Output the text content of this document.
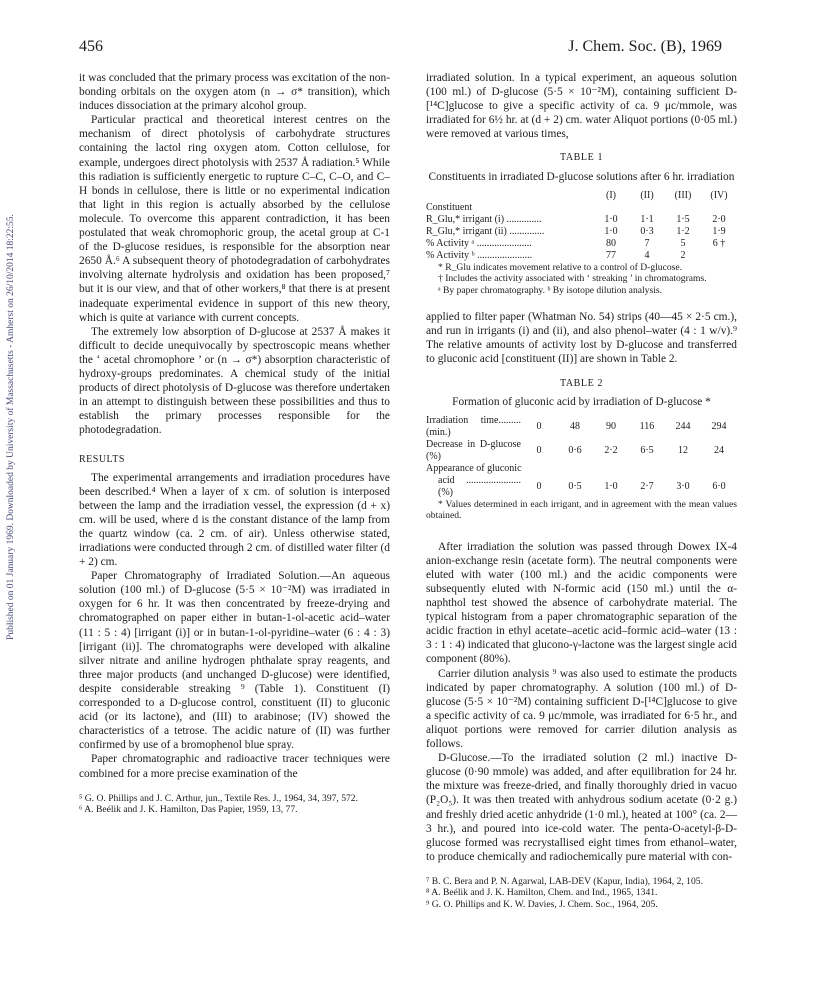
Published on 01 January 1969. Downloaded by University of Massachusetts - Amherst on 26/10/2014 18:22:55.
456	J. Chem. Soc. (B), 1969

it was concluded that the primary process was excitation of the non-bonding orbitals on the oxygen atom (n → σ* transition), which induces dissociation at the primary alcohol group.

Particular practical and theoretical interest centres on the mechanism of direct photolysis of carbohydrate structures containing the lactol ring oxygen atom. Cotton cellulose, for example, undergoes direct photolysis with 2537 Å radiation.⁵ While this radiation is sufficiently energetic to rupture C–C, C–O, and C–H bonds in cellulose, there is little or no experimental indication that light in this region is actually absorbed by the cellulose molecule. To overcome this apparent contradiction, it has been postulated that weak chromophoric group, the acetal group at C-1 of the D-glucose residues, is responsible for the absorption near 2650 Å.⁶ A subsequent theory of photodegradation of carbohydrates involving alternate hydrolysis and oxidation has been proposed,⁷ but it is our view, and that of other workers,⁸ that there is at present inadequate experimental evidence in support of this new theory, which is quite at variance with current concepts.

The extremely low absorption of D-glucose at 2537 Å makes it difficult to decide unequivocally by spectroscopic means whether the ‘ acetal chromophore ’ or (n → σ*) absorption characteristic of hydroxy-groups predominates. A chemical study of the initial products of direct photolysis of D-glucose was therefore undertaken in an attempt to distinguish between these possibilities and thus to establish the primary processes responsible for the photodegradation.

RESULTS

The experimental arrangements and irradiation procedures have been described.⁴ When a layer of x cm. of solution is interposed between the lamp and the irradiation vessel, the expression (d + x) cm. will be used, where d is the constant distance of the lamp from the quartz window (ca. 2 cm. of air). Unless otherwise stated, irradiations were conducted through 2 cm. of distilled water filter (d + 2) cm.

Paper Chromatography of Irradiated Solution.—An aqueous solution (100 ml.) of D-glucose (5·5 × 10⁻²M) was irradiated in oxygen for 6 hr. It was then concentrated by freeze-drying and chromatographed on paper either in butan-1-ol-acetic acid–water (11 : 5 : 4) [irrigant (i)] or in butan-1-ol-pyridine–water (6 : 4 : 3) [irrigant (ii)]. The chromatographs were developed with alkaline silver nitrate and aniline hydrogen phthalate spray reagents, and three major products (and unchanged D-glucose) were identified, despite considerable streaking ⁹ (Table 1). Constituent (I) corresponded to a D-glucose control, constituent (II) to gluconic acid (or its lactone), and (III) to arabinose; (IV) showed the characteristics of a tetrose. The acidic nature of (II) was further confirmed by use of a bromophenol blue spray.

Paper chromatographic and radioactive tracer techniques were combined for a more precise examination of the

⁵ G. O. Phillips and J. C. Arthur, jun., Textile Res. J., 1964, 34, 397, 572.

⁶ A. Beélik and J. K. Hamilton, Das Papier, 1959, 13, 77.

irradiated solution. In a typical experiment, an aqueous solution (100 ml.) of D-glucose (5·5 × 10⁻²M), containing sufficient D-[¹⁴C]glucose to give a specific activity of ca. 9 μc/mmole, was irradiated for 6½ hr. at (d + 2) cm. water Aliquot portions (0·05 ml.) were removed at various times,

TABLE 1
Constituents in irradiated D-glucose solutions after 6 hr. irradiation
	(I)	(II)	(III)	(IV)
Constituent				
R_Glu,* irrigant (i) ..............	1·0	1·1	1·5	2·0
R_Glu,* irrigant (ii) ..............	1·0	0·3	1·2	1·9
% Activity ᵃ ......................	80	7	5	6 †
% Activity ᵇ ......................	77	4	2	

* R_Glu indicates movement relative to a control of D-glucose.

† Includes the activity associated with ‘ streaking ’ in chromatograms.

ᵃ By paper chromatography. ᵇ By isotope dilution analysis.

applied to filter paper (Whatman No. 54) strips (40—45 × 2·5 cm.), and run in irrigants (i) and (ii), and also phenol–water (4 : 1 w/v).⁹ The relative amounts of activity lost by D-glucose and transferred to gluconic acid [constituent (II)] are shown in Table 2.

TABLE 2
Formation of gluconic acid by irradiation of D-glucose *
Irradiation time......... (min.)	0	48	90	116	244	294
Decrease in D-glucose (%)	0	0·6	2·2	6·5	12	24
Appearance of gluconic						
acid ...................... (%)	0	0·5	1·0	2·7	3·0	6·0

* Values determined in each irrigant, and in agreement with the mean values obtained.

After irradiation the solution was passed through Dowex IX-4 anion-exchange resin (acetate form). The neutral components were eluted with water (100 ml.) and the acidic components were subsequently eluted with N-formic acid (150 ml.) until the α-naphthol test showed the absence of carbohydrate material. The typical histogram from a paper chromatographic separation of the acidic fraction in ethyl acetate–acetic acid–formic acid–water (13 : 3 : 1 : 4) indicated that glucono-γ-lactone was the largest single acid component (80%).

Carrier dilution analysis ⁹ was also used to estimate the products indicated by paper chromatography. A solution (100 ml.) of D-glucose (5·5 × 10⁻²M) containing sufficient D-[¹⁴C]glucose to give a specific activity of ca. 9 μc/mmole, was irradiated for 6·5 hr., and aliquot portions were removed for carrier dilution analysis as follows.

D-Glucose.—To the irradiated solution (2 ml.) inactive D-glucose (0·90 mmole) was added, and after equilibration for 24 hr. the mixture was freeze-dried, and finally thoroughly dried in vacuo (P₂O₅). It was then treated with anhydrous sodium acetate (0·2 g.) and freshly dried acetic anhydride (1·0 ml.), heated at 100° (ca. 2—3 hr.), and poured into ice-cold water. The penta-O-acetyl-β-D-glucose formed was recrystallised eight times from ethanol–water, to produce chemically and radiochemically pure material with con-

⁷ B. C. Bera and P. N. Agarwal, LAB-DEV (Kapur, India), 1964, 2, 105.

⁸ A. Beélik and J. K. Hamilton, Chem. and Ind., 1965, 1341.

⁹ G. O. Phillips and K. W. Davies, J. Chem. Soc., 1964, 205.
